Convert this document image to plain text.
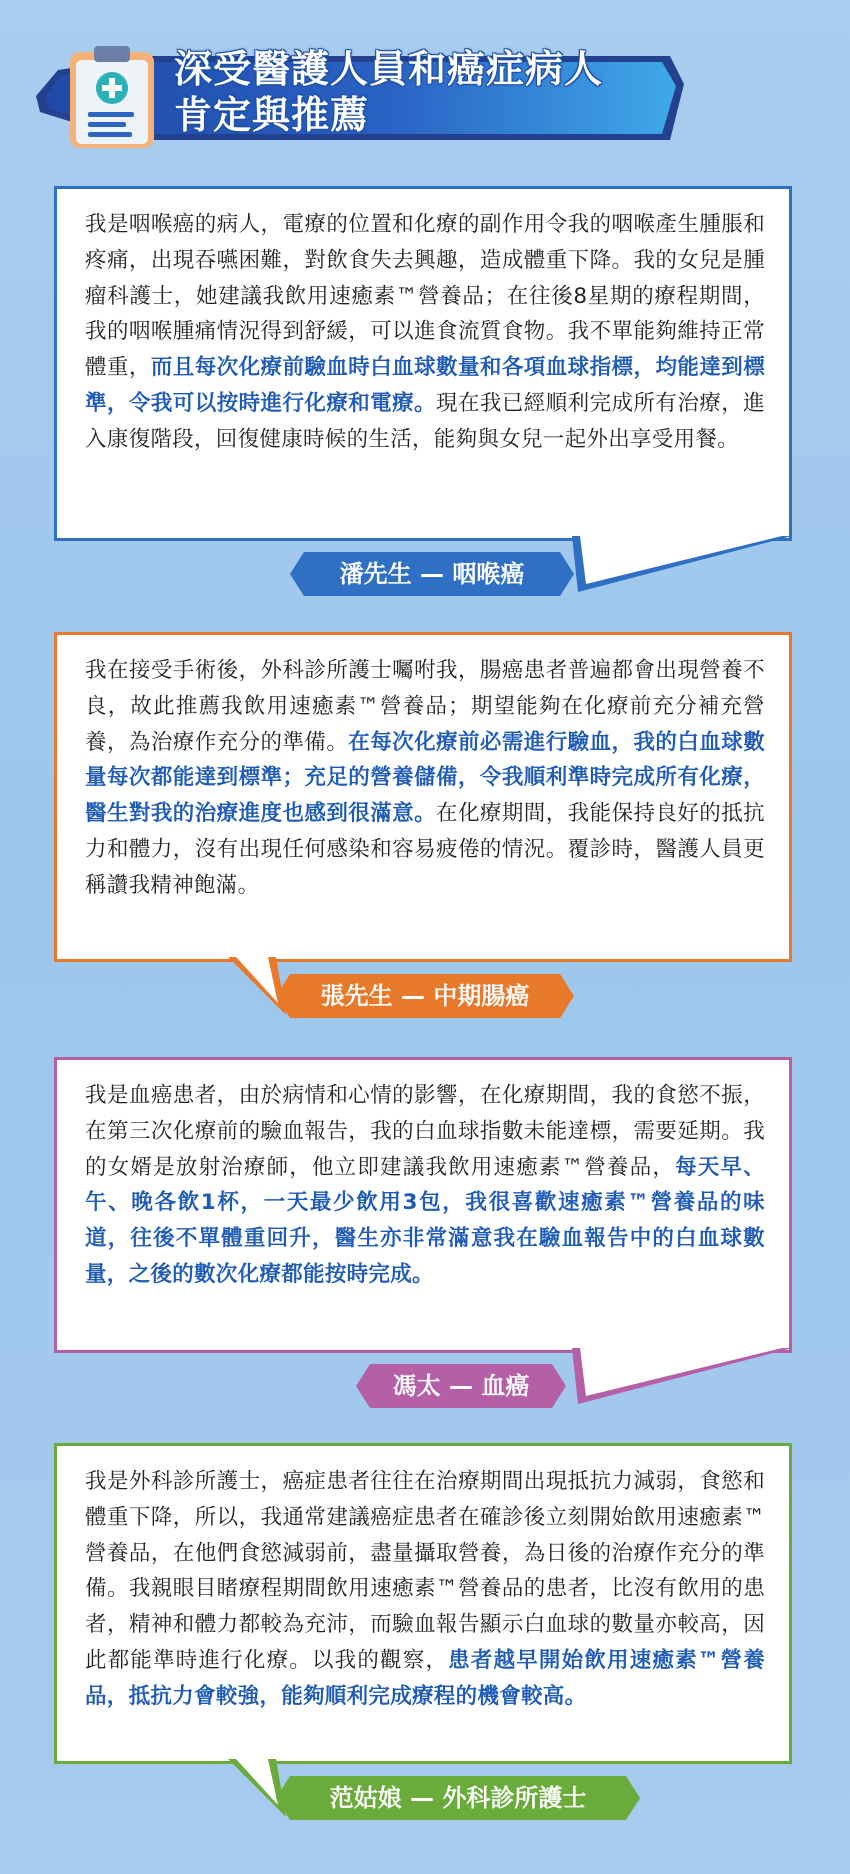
深受醫護人員和癌症病人
肯定與推薦

我是咽喉癌的病人，電療的位置和化療的副作用令我的咽喉產生腫脹和疼痛，出現吞嚥困難，對飲食失去興趣，造成體重下降。我的女兒是腫瘤科護士，她建議我飲用速癒素™營養品；在往後8星期的療程期間，我的咽喉腫痛情況得到舒緩，可以進食流質食物。我不單能夠維持正常體重，而且每次化療前驗血時白血球數量和各項血球指標，均能達到標準，令我可以按時進行化療和電療。現在我已經順利完成所有治療，進入康復階段，回復健康時候的生活，能夠與女兒一起外出享受用餐。

潘先生 — 咽喉癌

我在接受手術後，外科診所護士囑咐我，腸癌患者普遍都會出現營養不良，故此推薦我飲用速癒素™營養品；期望能夠在化療前充分補充營養，為治療作充分的準備。在每次化療前必需進行驗血，我的白血球數量每次都能達到標準；充足的營養儲備，令我順利準時完成所有化療，醫生對我的治療進度也感到很滿意。在化療期間，我能保持良好的抵抗力和體力，沒有出現任何感染和容易疲倦的情況。覆診時，醫護人員更稱讚我精神飽滿。

張先生 — 中期腸癌

我是血癌患者，由於病情和心情的影響，在化療期間，我的食慾不振，在第三次化療前的驗血報告，我的白血球指數未能達標，需要延期。我的女婿是放射治療師，他立即建議我飲用速癒素™營養品，每天早、午、晚各飲1杯，一天最少飲用3包，我很喜歡速癒素™營養品的味道，往後不單體重回升，醫生亦非常滿意我在驗血報告中的白血球數量，之後的數次化療都能按時完成。

馮太 — 血癌

我是外科診所護士，癌症患者往往在治療期間出現抵抗力減弱，食慾和體重下降，所以，我通常建議癌症患者在確診後立刻開始飲用速癒素™營養品，在他們食慾減弱前，盡量攝取營養，為日後的治療作充分的準備。我親眼目睹療程期間飲用速癒素™營養品的患者，比沒有飲用的患者，精神和體力都較為充沛，而驗血報告顯示白血球的數量亦較高，因此都能準時進行化療。以我的觀察，患者越早開始飲用速癒素™營養品，抵抗力會較強，能夠順利完成療程的機會較高。

范姑娘 — 外科診所護士
